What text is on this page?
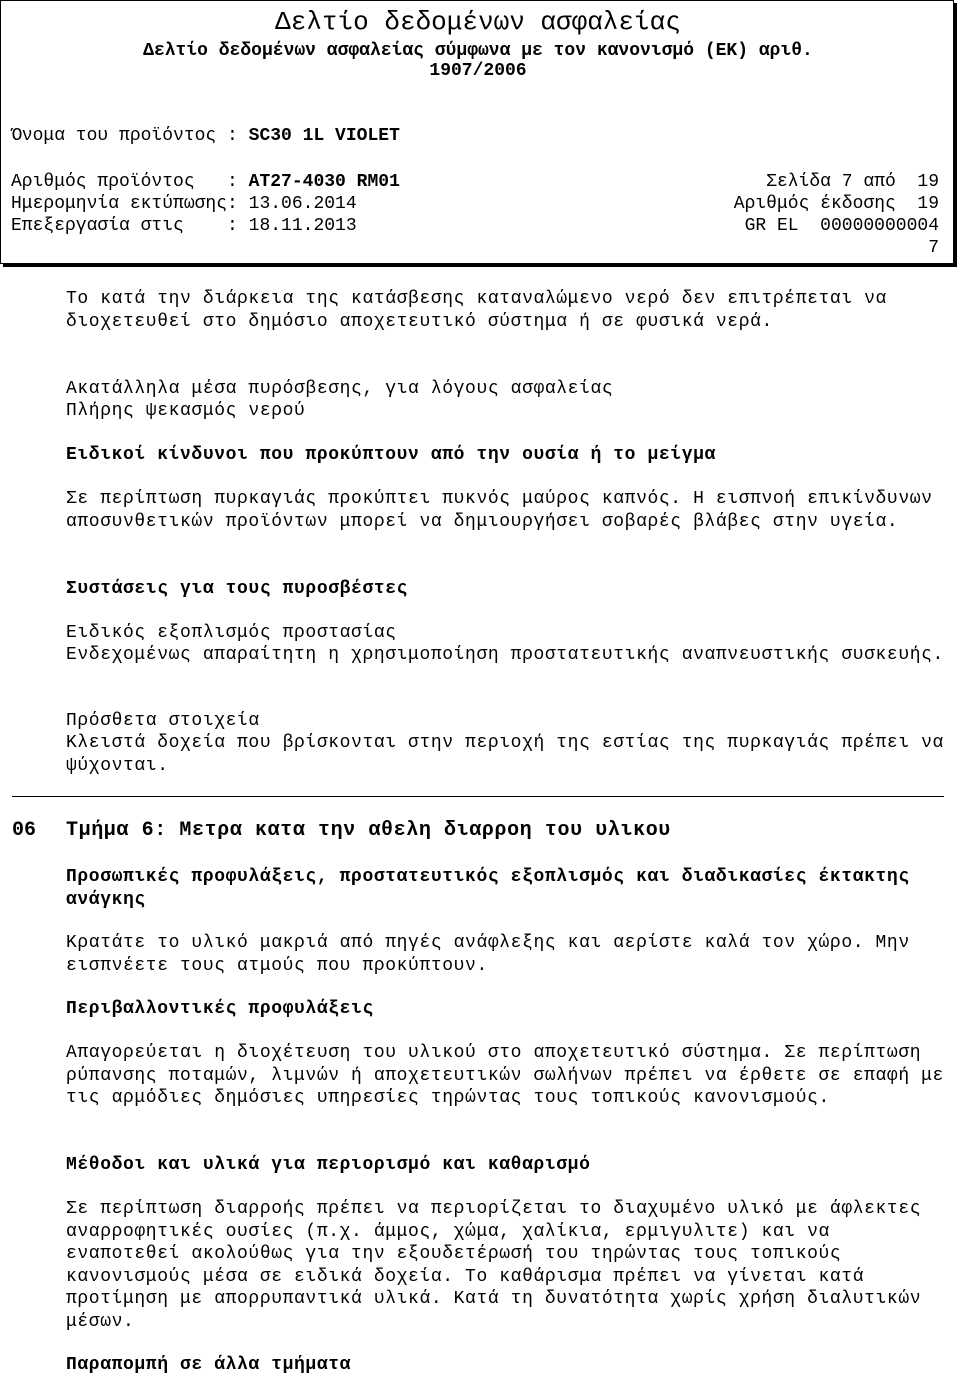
Δελτίο δεδομένων ασφαλείας
Δελτίο δεδομένων ασφαλείας σύμφωνα με τον κανονισμό (ΕΚ) αριθ.
1907/2006
Όνομα του προϊόντος : SC30 1L VIOLET
Αριθμός προϊόντος   : AT27-4030 RM01	Σελίδα 7 από  19
Ημερομηνία εκτύπωσης: 13.06.2014	Αριθμός έκδοσης  19
Επεξεργασία στις    : 18.11.2013	GR EL  00000000004
7
Το κατά την διάρκεια της κατάσβεσης καταναλώμενο νερό δεν επιτρέπεται να διοχετευθεί στο δημόσιο αποχετευτικό σύστημα ή σε φυσικά νερά.
Ακατάλληλα μέσα πυρόσβεσης, για λόγους ασφαλείας
Πλήρης ψεκασμός νερού
Ειδικοί κίνδυνοι που προκύπτουν από την ουσία ή το μείγμα
Σε περίπτωση πυρκαγιάς προκύπτει πυκνός μαύρος καπνός. Η εισπνοή επικίνδυνων αποσυνθετικών προϊόντων μπορεί να δημιουργήσει σοβαρές βλάβες στην υγεία.
Συστάσεις για τους πυροσβέστες
Ειδικός εξοπλισμός προστασίας
Ενδεχομένως απαραίτητη η χρησιμοποίηση προστατευτικής αναπνευστικής συσκευής.
Πρόσθετα στοιχεία
Κλειστά δοχεία που βρίσκονται στην περιοχή της εστίας της πυρκαγιάς πρέπει να ψύχονται.
06 Τμήμα 6: Μετρα κατα την αθελη διαρροη του υλικου
Προσωπικές προφυλάξεις, προστατευτικός εξοπλισμός και διαδικασίες έκτακτης ανάγκης
Κρατάτε το υλικό μακριά από πηγές ανάφλεξης και αερίστε καλά τον χώρο. Μην εισπνέετε τους ατμούς που προκύπτουν.
Περιβαλλοντικές προφυλάξεις
Απαγορεύεται η διοχέτευση του υλικού στο αποχετευτικό σύστημα. Σε περίπτωση ρύπανσης ποταμών, λιμνών ή αποχετευτικών σωλήνων πρέπει να έρθετε σε επαφή με τις αρμόδιες δημόσιες υπηρεσίες τηρώντας τους τοπικούς κανονισμούς.
Μέθοδοι και υλικά για περιορισμό και καθαρισμό
Σε περίπτωση διαρροής πρέπει να περιορίζεται το διαχυμένο υλικό με άφλεκτες αναρροφητικές ουσίες (π.χ. άμμος, χώμα, χαλίκια, ερμιγυλιτε) και να εναποτεθεί ακολούθως για την εξουδετέρωσή του τηρώντας τους τοπικούς κανονισμούς μέσα σε ειδικά δοχεία. Το καθάρισμα πρέπει να γίνεται κατά προτίμηση με απορρυπαντικά υλικά. Κατά τη δυνατότητα χωρίς χρήση διαλυτικών μέσων.
Παραπομπή σε άλλα τμήματα
